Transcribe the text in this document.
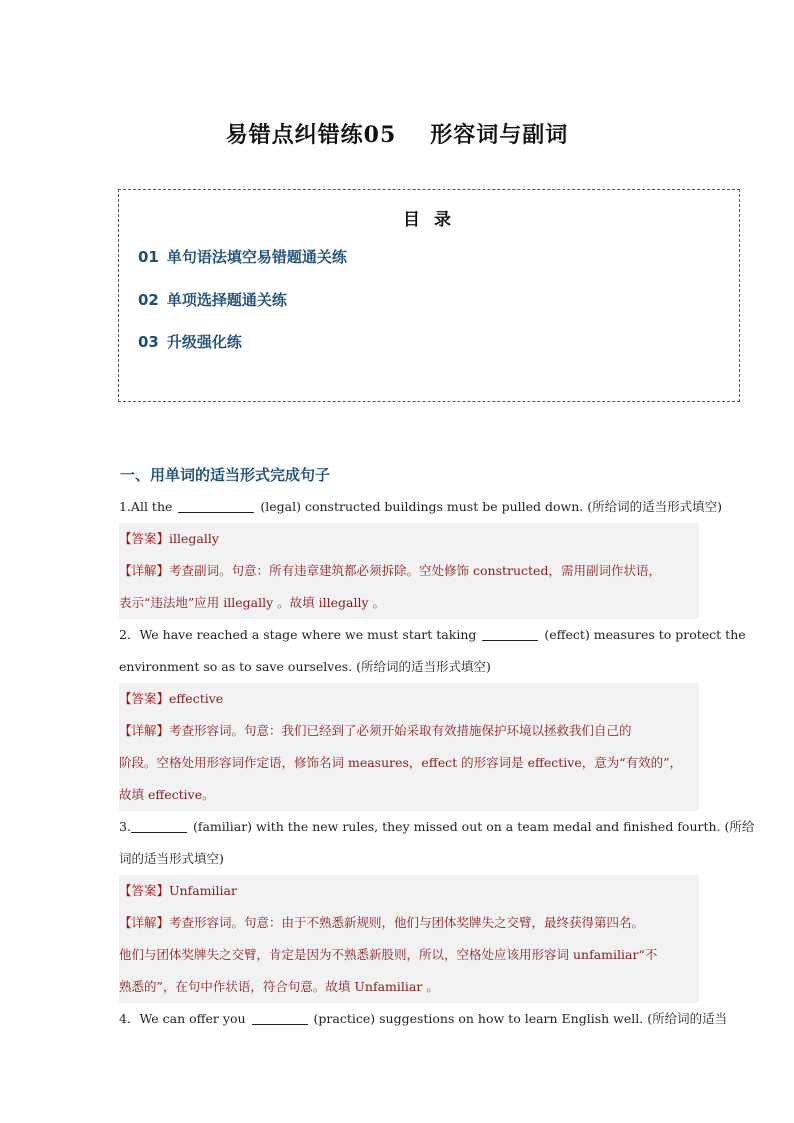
易错点纠错练05 形容词与副词
目 录
01 单句语法填空易错题通关练
02 单项选择题通关练
03 升级强化练
一、用单词的适当形式完成句子
1.All the	(legal) constructed buildings must be pulled down. (所给词的适当形式填空)
【答案】illegally
【详解】考查副词。句意：所有违章建筑都必须拆除。空处修饰 constructed，需用副词作状语，
表示“违法地”应用 illegally 。故填 illegally 。
2．We have reached a stage where we must start taking	(effect) measures to protect the
environment so as to save ourselves. (所给词的适当形式填空)
【答案】effective
【详解】考查形容词。句意：我们已经到了必须开始采取有效措施保护环境以拯救我们自己的
阶段。空格处用形容词作定语，修饰名词 measures，effect 的形容词是 effective，意为“有效的”，
故填 effective。
3.	(familiar) with the new rules, they missed out on a team medal and finished fourth. (所给
词的适当形式填空)
【答案】Unfamiliar
【详解】考查形容词。句意：由于不熟悉新规则，他们与团体奖牌失之交臂，最终获得第四名。
他们与团体奖牌失之交臂，肯定是因为不熟悉新股则，所以，空格处应该用形容词 unfamiliar“不
熟悉的”，在句中作状语，符合句意。故填 Unfamiliar 。
4．We can offer you	(practice) suggestions on how to learn English well. (所给词的适当
